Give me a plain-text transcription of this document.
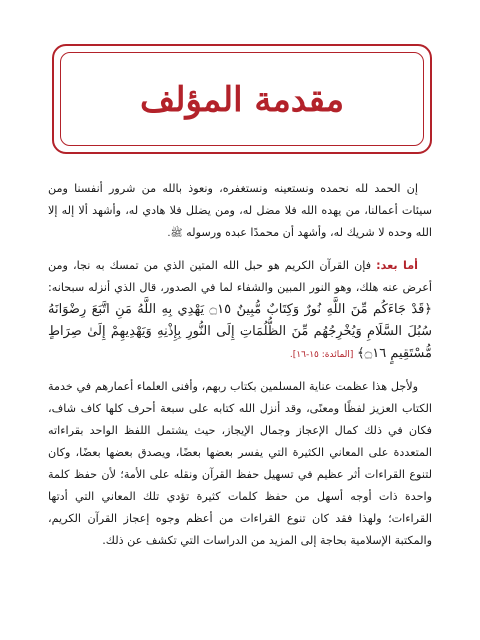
مقدمة المؤلف

إن الحمد لله نحمده ونستعينه ونستغفره، ونعوذ بالله من شرور أنفسنا ومن سيئات أعمالنا، من يهده الله فلا مضل له، ومن يضلل فلا هادي له، وأشهد ألا إله إلا الله وحده لا شريك له، وأشهد أن محمدًا عبده ورسوله ﷺ.

أما بعد: فإن القرآن الكريم هو حبل الله المتين الذي من تمسك به نجا، ومن أعرض عنه هلك، وهو النور المبين والشفاء لما في الصدور، قال الذي أنزله سبحانه: ﴿قَدْ جَاءَكُم مِّنَ اللَّهِ نُورٌ وَكِتَابٌ مُّبِينٌ ۝١٥ يَهْدِي بِهِ اللَّهُ مَنِ اتَّبَعَ رِضْوَانَهُ سُبُلَ السَّلَامِ وَيُخْرِجُهُم مِّنَ الظُّلُمَاتِ إِلَى النُّورِ بِإِذْنِهِ وَيَهْدِيهِمْ إِلَىٰ صِرَاطٍ مُّسْتَقِيمٍ ۝١٦﴾ [المائدة: ١٥-١٦].

ولأجل هذا عظمت عناية المسلمين بكتاب ربهم، وأفنى العلماء أعمارهم في خدمة الكتاب العزيز لفظًا ومعنًى، وقد أنزل الله كتابه على سبعة أحرف كلها كاف شاف، فكان في ذلك كمال الإعجاز وجمال الإيجاز، حيث يشتمل اللفظ الواحد بقراءاته المتعددة على المعاني الكثيرة التي يفسر بعضها بعضًا، ويصدق بعضها بعضًا، وكان لتنوع القراءات أثر عظيم في تسهيل حفظ القرآن ونقله على الأمة؛ لأن حفظ كلمة واحدة ذات أوجه أسهل من حفظ كلمات كثيرة تؤدي تلك المعاني التي أدتها القراءات؛ ولهذا فقد كان تنوع القراءات من أعظم وجوه إعجاز القرآن الكريم، والمكتبة الإسلامية بحاجة إلى المزيد من الدراسات التي تكشف عن ذلك.
